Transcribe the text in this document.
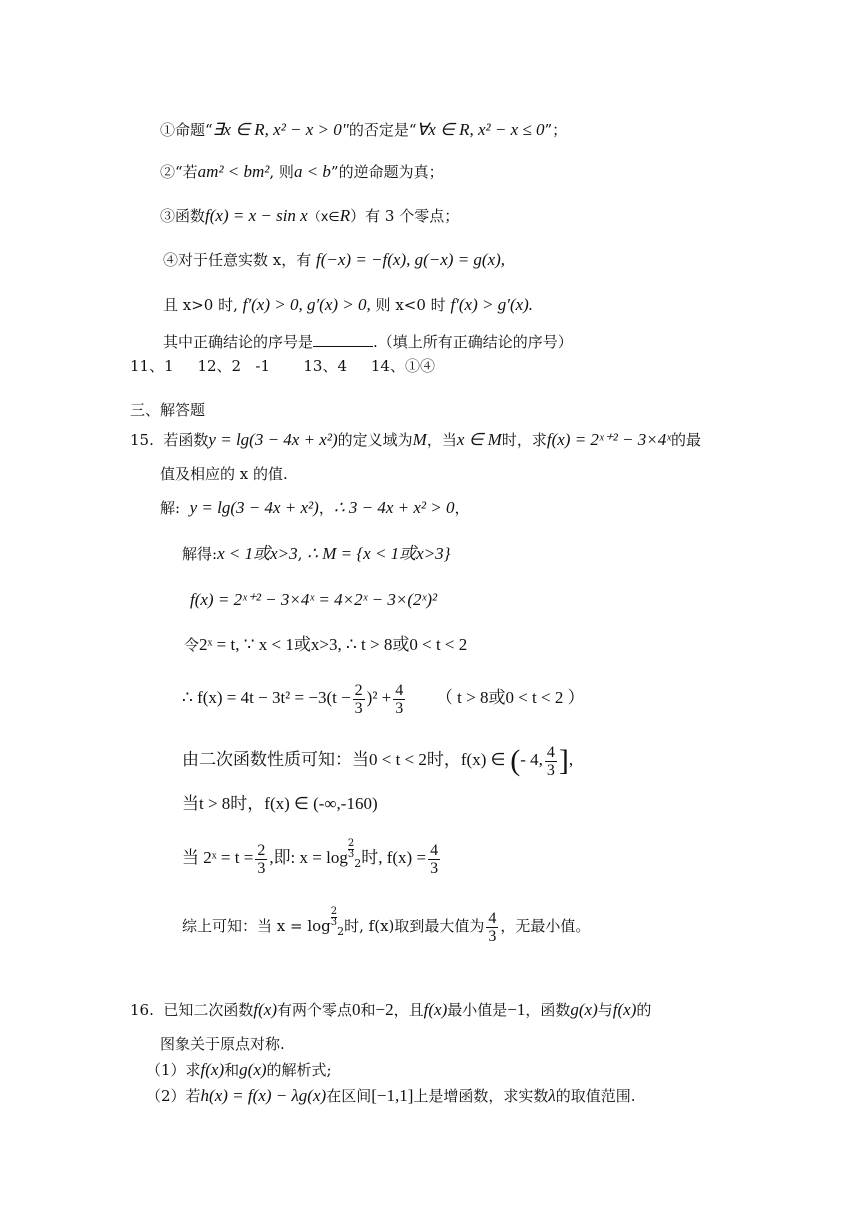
①命题“∃x ∈ R, x² − x > 0"的否定是“∀x ∈ R, x² − x ≤ 0”；
②“若am² < bm², 则a < b”的逆命题为真；
③函数f(x) = x − sin x（x∈R）有 3 个零点；
④对于任意实数 x，有 f(−x) = −f(x), g(−x) = g(x),
且 x>0 时, f′(x) > 0, g′(x) > 0, 则 x<0 时 f′(x) > g′(x).
其中正确结论的序号是	.（填上所有正确结论的序号）
11、1     12、2   -1       13、4     14、①④
三、解答题
15. 若函数y = lg(3 − 4x + x²)的定义域为M，当x ∈ M时，求f(x) = 2ˣ⁺² − 3×4ˣ的最
值及相应的 x 的值.
解: y = lg(3 − 4x + x²)，∴ 3 − 4x + x² > 0，
解得:x < 1或x>3, ∴ M = {x < 1或x>3}
f(x) = 2ˣ⁺² − 3×4ˣ = 4×2ˣ − 3×(2ˣ)²
令2ˣ = t, ∵ x < 1或x>3, ∴ t > 8或0 < t < 2
∴ $f(x) = 4t - 3t^2 = -3(t - \frac{2}{3} )^2 + \frac{4}{3}$ （ t > 8或0 < t < 2 ）
由二次函数性质可知：当0 < t < 2时，f(x) ∈ (- 4, $\frac{4}{3}$ ],
当t > 8时，f(x) ∈ (-∞,-160)
当 2ˣ = $t = \frac{2}{3}$ ,即: $x = \log \frac{2}{3}$
$_2$时, $f(x) = \frac{4}{3}$
综上可知：当 $x = \log \frac{2}{3}$
$_2$时, f(x)取到最大值为 $\frac{4}{3}$ ，无最小值。
16. 已知二次函数f(x)有两个零点0和−2，且f(x)最小值是−1，函数g(x)与f(x)的
图象关于原点对称.
（1）求f(x)和g(x)的解析式;
（2）若h(x) = f(x) − λg(x)在区间[−1,1]上是增函数，求实数λ的取值范围.
